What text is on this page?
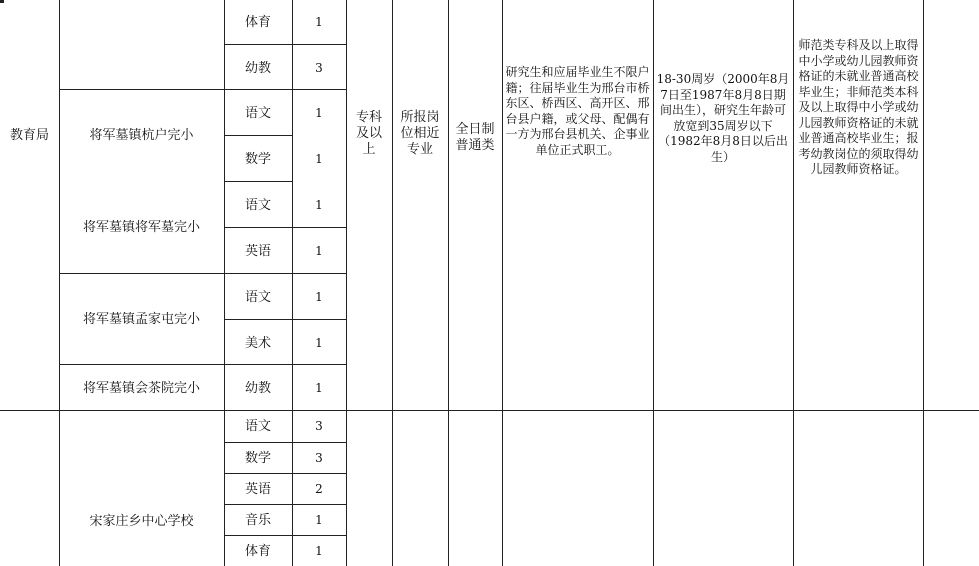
教育局	将军墓镇杭户完小
将军墓镇将军墓完小
将军墓镇孟家屯完小
将军墓镇会茶院完小
宋家庄乡中心学校
体育
幼教
语文
数学
语文
英语
语文
美术
幼教
语文
数学
英语
音乐
体育
1
3
1
1
1
1
1
1
1
3
3
2
1
1
专科及以上
所报岗位相近专业
全日制普通类
研究生和应届毕业生不限户籍；往届毕业生为邢台市桥东区、桥西区、高开区、邢台县户籍，或父母、配偶有一方为邢台县机关、企事业单位正式职工。
18-30周岁（2000年8月7日至1987年8月8日期间出生），研究生年龄可放宽到35周岁以下（1982年8月8日以后出生）
师范类专科及以上取得中小学或幼儿园教师资格证的未就业普通高校毕业生；非师范类本科及以上取得中小学或幼儿园教师资格证的未就业普通高校毕业生；报考幼教岗位的须取得幼儿园教师资格证。
